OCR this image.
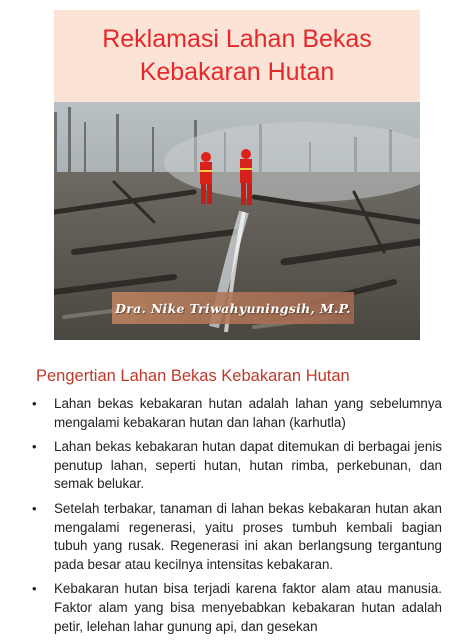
Reklamasi Lahan Bekas
Kebakaran Hutan
Dra. Nike Triwahyuningsih, M.P.
Pengertian Lahan Bekas Kebakaran Hutan
• Lahan bekas kebakaran hutan adalah lahan yang sebelumnya mengalami kebakaran hutan dan lahan (karhutla)
• Lahan bekas kebakaran hutan dapat ditemukan di berbagai jenis penutup lahan, seperti hutan, hutan rimba, perkebunan, dan semak belukar.
• Setelah terbakar, tanaman di lahan bekas kebakaran hutan akan mengalami regenerasi, yaitu proses tumbuh kembali bagian tubuh yang rusak. Regenerasi ini akan berlangsung tergantung pada besar atau kecilnya intensitas kebakaran.
• Kebakaran hutan bisa terjadi karena faktor alam atau manusia. Faktor alam yang bisa menyebabkan kebakaran hutan adalah petir, lelehan lahar gunung api, dan gesekan
